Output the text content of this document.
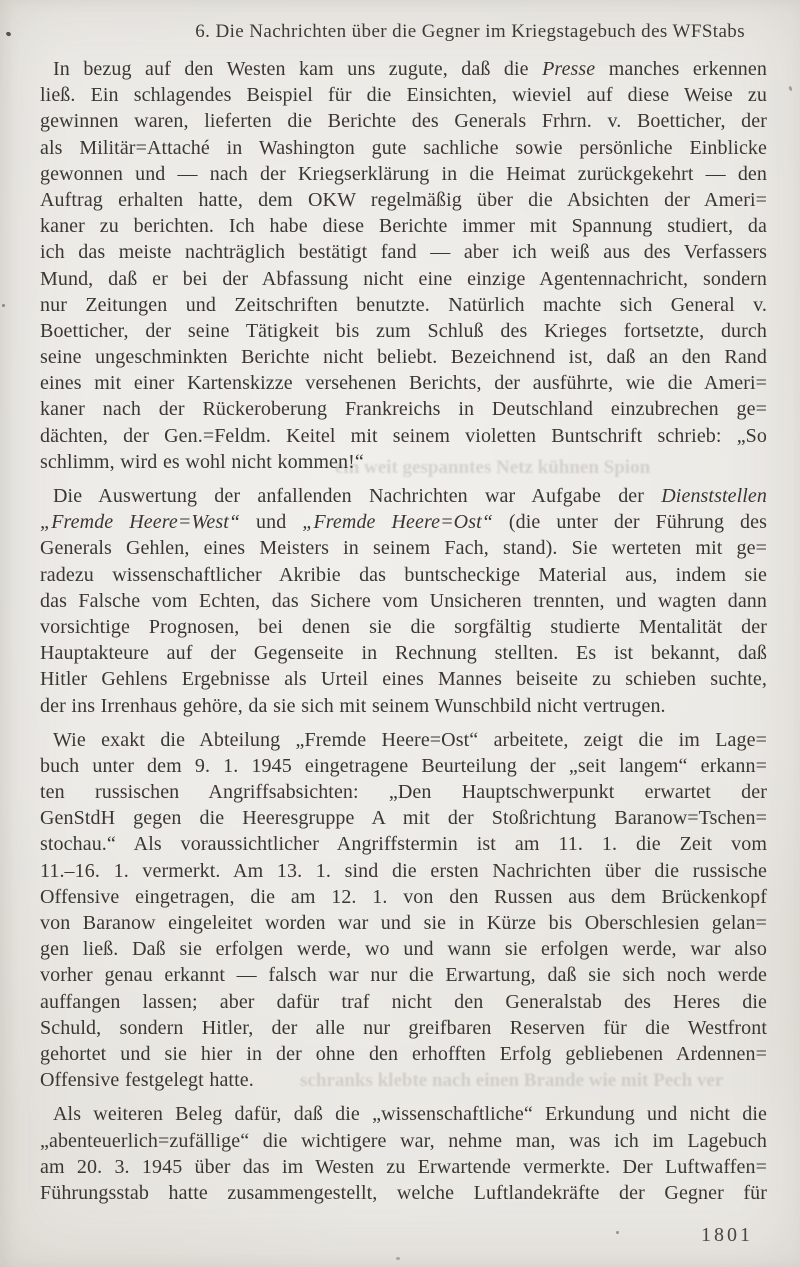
6. Die Nachrichten über die Gegner im Kriegstagebuch des WFStabs
ein weit gespanntes Netz kühnen Spion
schranks klebte nach einen Brande wie mit Pech ver

In bezug auf den Westen kam uns zugute, daß die Presse manches erkennen
ließ. Ein schlagendes Beispiel für die Einsichten, wieviel auf diese Weise zu
gewinnen waren, lieferten die Berichte des Generals Frhrn. v. Boetticher, der
als Militär=Attaché in Washington gute sachliche sowie persönliche Einblicke
gewonnen und — nach der Kriegserklärung in die Heimat zurückgekehrt — den
Auftrag erhalten hatte, dem OKW regelmäßig über die Absichten der Ameri=
kaner zu berichten. Ich habe diese Berichte immer mit Spannung studiert, da
ich das meiste nachträglich bestätigt fand — aber ich weiß aus des Verfassers
Mund, daß er bei der Abfassung nicht eine einzige Agentennachricht, sondern
nur Zeitungen und Zeitschriften benutzte. Natürlich machte sich General v.
Boetticher, der seine Tätigkeit bis zum Schluß des Krieges fortsetzte, durch
seine ungeschminkten Berichte nicht beliebt. Bezeichnend ist, daß an den Rand
eines mit einer Kartenskizze versehenen Berichts, der ausführte, wie die Ameri=
kaner nach der Rückeroberung Frankreichs in Deutschland einzubrechen ge=
dächten, der Gen.=Feldm. Keitel mit seinem violetten Buntschrift schrieb: „So
schlimm, wird es wohl nicht kommen!“

Die Auswertung der anfallenden Nachrichten war Aufgabe der Dienststellen
„Fremde Heere=West“ und „Fremde Heere=Ost“ (die unter der Führung des
Generals Gehlen, eines Meisters in seinem Fach, stand). Sie werteten mit ge=
radezu wissenschaftlicher Akribie das buntscheckige Material aus, indem sie
das Falsche vom Echten, das Sichere vom Unsicheren trennten, und wagten dann
vorsichtige Prognosen, bei denen sie die sorgfältig studierte Mentalität der
Hauptakteure auf der Gegenseite in Rechnung stellten. Es ist bekannt, daß
Hitler Gehlens Ergebnisse als Urteil eines Mannes beiseite zu schieben suchte,
der ins Irrenhaus gehöre, da sie sich mit seinem Wunschbild nicht vertrugen.

Wie exakt die Abteilung „Fremde Heere=Ost“ arbeitete, zeigt die im Lage=
buch unter dem 9. 1. 1945 eingetragene Beurteilung der „seit langem“ erkann=
ten russischen Angriffsabsichten: „Den Hauptschwerpunkt erwartet der
GenStdH gegen die Heeresgruppe A mit der Stoßrichtung Baranow=Tschen=
stochau.“ Als voraussichtlicher Angriffstermin ist am 11. 1. die Zeit vom
11.–16. 1. vermerkt. Am 13. 1. sind die ersten Nachrichten über die russische
Offensive eingetragen, die am 12. 1. von den Russen aus dem Brückenkopf
von Baranow eingeleitet worden war und sie in Kürze bis Oberschlesien gelan=
gen ließ. Daß sie erfolgen werde, wo und wann sie erfolgen werde, war also
vorher genau erkannt — falsch war nur die Erwartung, daß sie sich noch werde
auffangen lassen; aber dafür traf nicht den Generalstab des Heres die
Schuld, sondern Hitler, der alle nur greifbaren Reserven für die Westfront
gehortet und sie hier in der ohne den erhofften Erfolg gebliebenen Ardennen=
Offensive festgelegt hatte.

Als weiteren Beleg dafür, daß die „wissenschaftliche“ Erkundung und nicht die
„abenteuerlich=zufällige“ die wichtigere war, nehme man, was ich im Lagebuch
am 20. 3. 1945 über das im Westen zu Erwartende vermerkte. Der Luftwaffen=
Führungsstab hatte zusammengestellt, welche Luftlandekräfte der Gegner für

1801
